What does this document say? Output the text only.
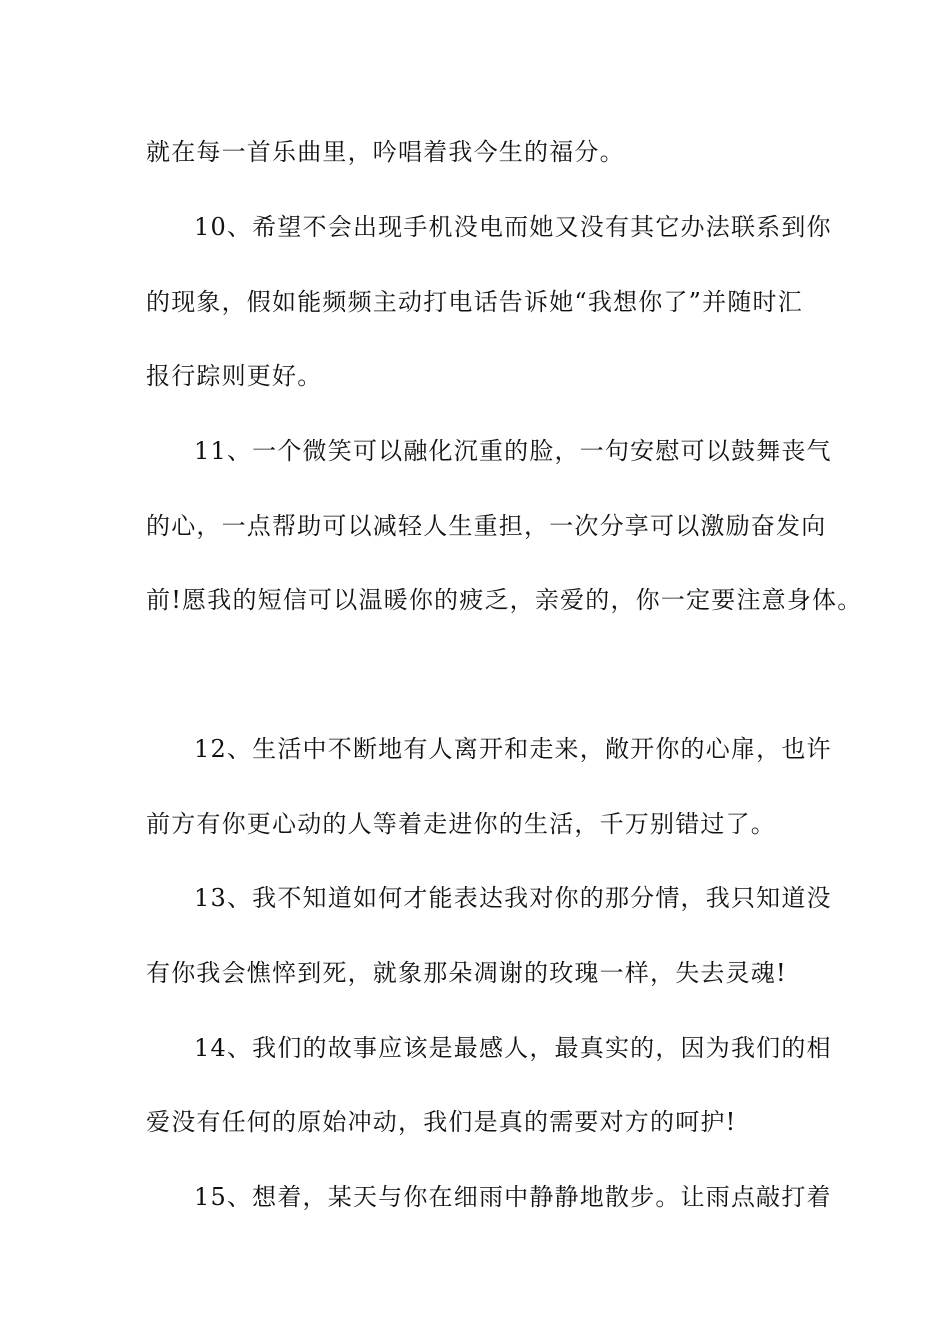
就在每一首乐曲里，吟唱着我今生的福分。
10、希望不会出现手机没电而她又没有其它办法联系到你
的现象，假如能频频主动打电话告诉她“我想你了”并随时汇
报行踪则更好。
11、一个微笑可以融化沉重的脸，一句安慰可以鼓舞丧气
的心，一点帮助可以减轻人生重担，一次分享可以激励奋发向
前!愿我的短信可以温暖你的疲乏，亲爱的，你一定要注意身体。
12、生活中不断地有人离开和走来，敞开你的心扉，也许
前方有你更心动的人等着走进你的生活，千万别错过了。
13、我不知道如何才能表达我对你的那分情，我只知道没
有你我会憔悴到死，就象那朵凋谢的玫瑰一样，失去灵魂!
14、我们的故事应该是最感人，最真实的，因为我们的相
爱没有任何的原始冲动，我们是真的需要对方的呵护!
15、想着，某天与你在细雨中静静地散步。让雨点敲打着
